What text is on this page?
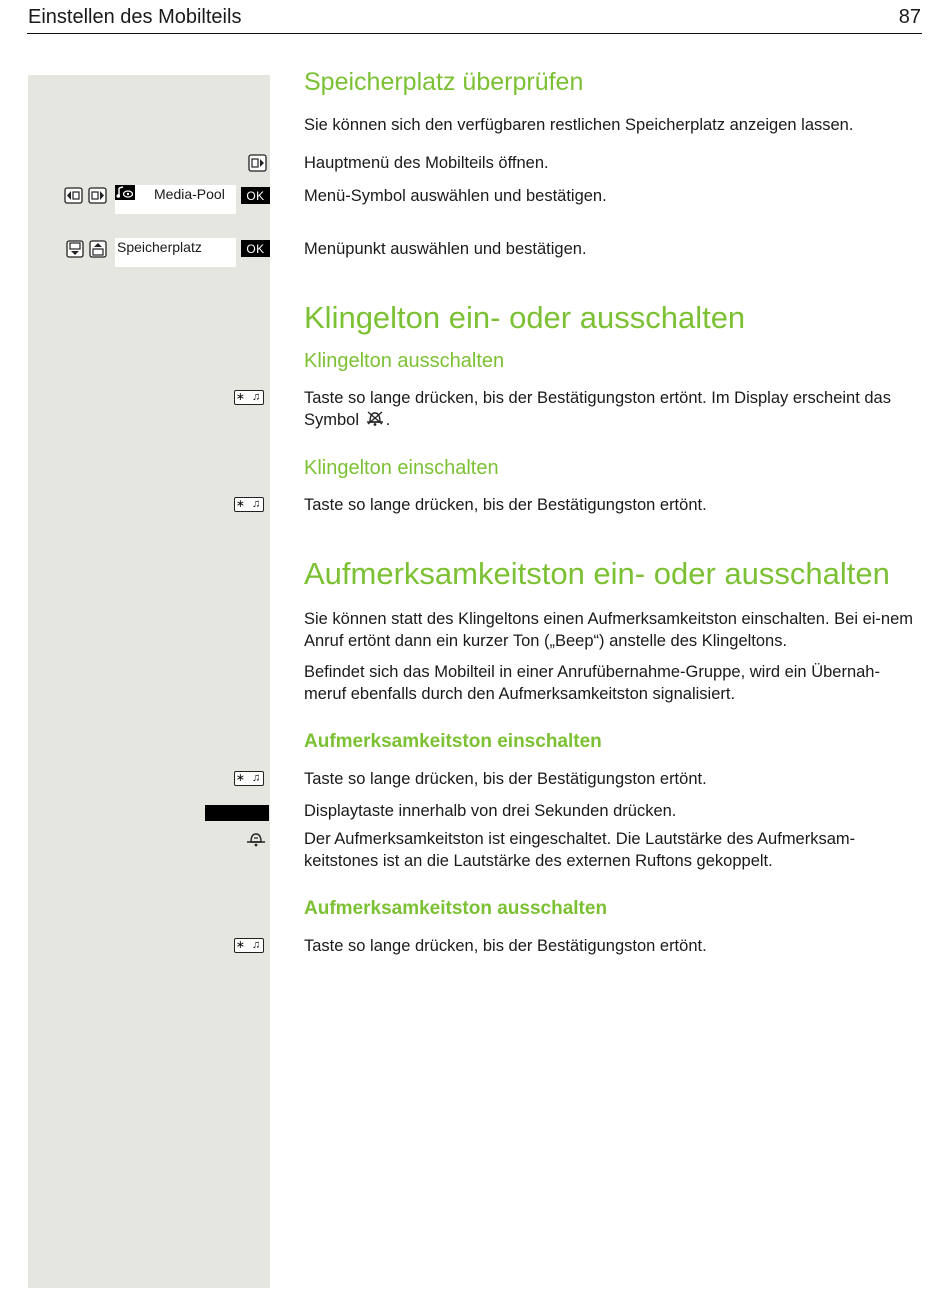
Einstellen des Mobilteils	87
Speicherplatz überprüfen
Sie können sich den verfügbaren restlichen Speicherplatz anzeigen lassen.
Hauptmenü des Mobilteils öffnen.
Media-Pool	OK	Menü-Symbol auswählen und bestätigen.
Speicherplatz	OK	Menüpunkt auswählen und bestätigen.
Klingelton ein- oder ausschalten
Klingelton ausschalten
∗ ♫	Taste so lange drücken, bis der Bestätigungston ertönt. Im Display erscheint das Symbol .
Klingelton einschalten
∗ ♫	Taste so lange drücken, bis der Bestätigungston ertönt.
Aufmerksamkeitston ein- oder ausschalten
Sie können statt des Klingeltons einen Aufmerksamkeitston einschalten. Bei ei-nem Anruf ertönt dann ein kurzer Ton („Beep“) anstelle des Klingeltons.
Befindet sich das Mobilteil in einer Anrufübernahme-Gruppe, wird ein Übernah-meruf ebenfalls durch den Aufmerksamkeitston signalisiert.
Aufmerksamkeitston einschalten
∗ ♫	Taste so lange drücken, bis der Bestätigungston ertönt.
Displaytaste innerhalb von drei Sekunden drücken.
Der Aufmerksamkeitston ist eingeschaltet. Die Lautstärke des Aufmerksam-keitstones ist an die Lautstärke des externen Ruftons gekoppelt.
Aufmerksamkeitston ausschalten
∗ ♫	Taste so lange drücken, bis der Bestätigungston ertönt.
